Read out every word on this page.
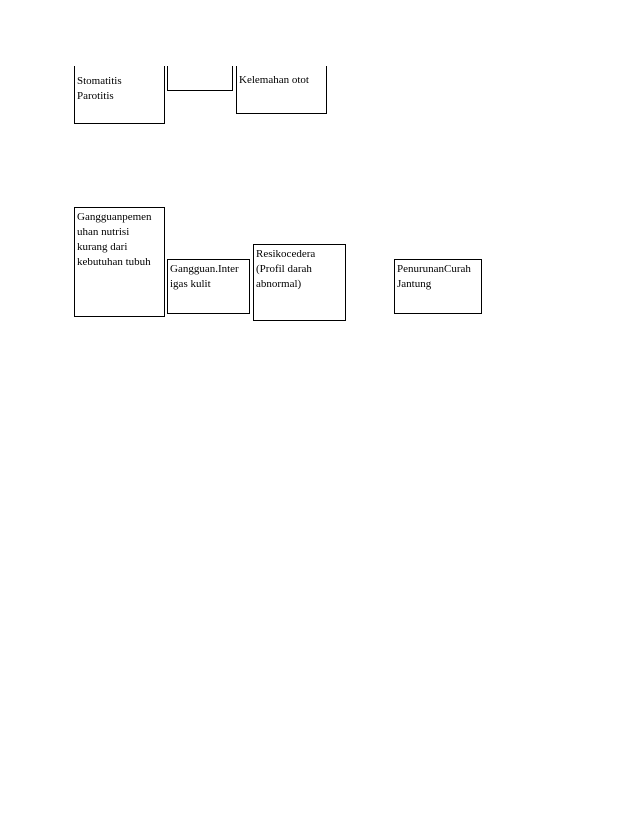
Stomatitis
Parotitis
Kelemahan otot
Gangguanpemen
uhan nutrisi
kurang dari
kebutuhan tubuh
Gangguan.Inter
igas kulit
Resikocedera
(Profil darah
abnormal)
PenurunanCurah
Jantung
